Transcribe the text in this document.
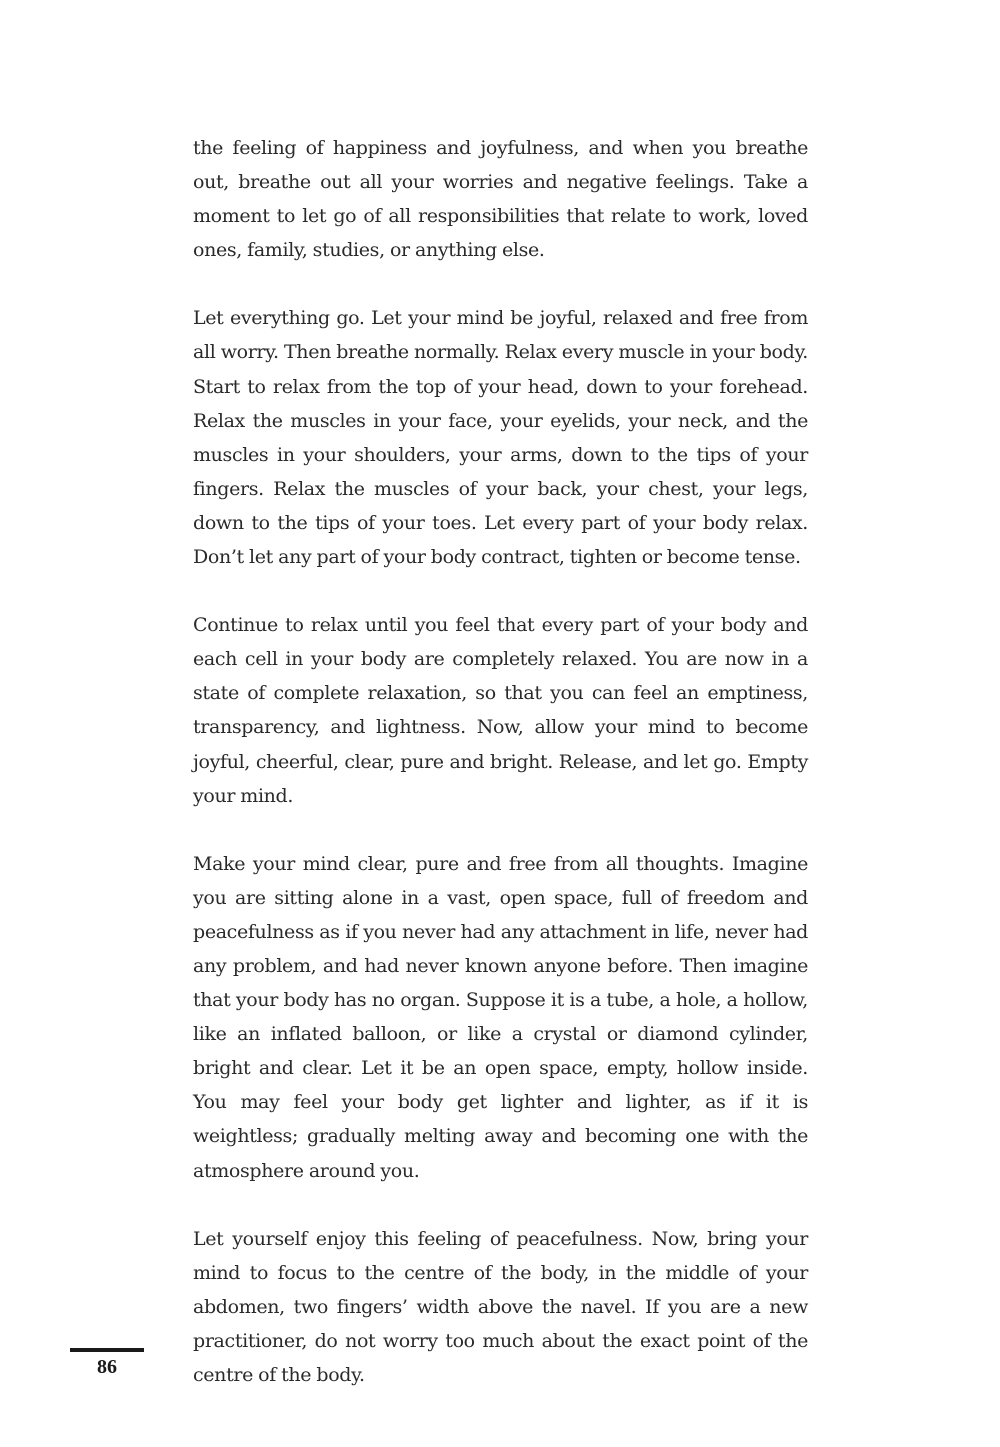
the feeling of happiness and joyfulness, and when you breathe out, breathe out all your worries and negative feelings. Take a moment to let go of all responsibilities that relate to work, loved ones, family, studies, or anything else.

Let everything go. Let your mind be joyful, relaxed and free from all worry. Then breathe normally. Relax every muscle in your body. Start to relax from the top of your head, down to your forehead. Relax the muscles in your face, your eyelids, your neck, and the muscles in your shoulders, your arms, down to the tips of your fingers. Relax the muscles of your back, your chest, your legs, down to the tips of your toes. Let every part of your body relax. Don’t let any part of your body contract, tighten or become tense.

Continue to relax until you feel that every part of your body and each cell in your body are completely relaxed. You are now in a state of complete relaxation, so that you can feel an emptiness, transparency, and lightness. Now, allow your mind to become joyful, cheerful, clear, pure and bright. Release, and let go. Empty your mind.

Make your mind clear, pure and free from all thoughts. Imagine you are sitting alone in a vast, open space, full of freedom and peacefulness as if you never had any attachment in life, never had any problem, and had never known anyone before. Then imagine that your body has no organ. Suppose it is a tube, a hole, a hollow, like an inflated balloon, or like a crystal or diamond cylinder, bright and clear. Let it be an open space, empty, hollow inside. You may feel your body get lighter and lighter, as if it is weightless; gradually melting away and becoming one with the atmosphere around you.

Let yourself enjoy this feeling of peacefulness. Now, bring your mind to focus to the centre of the body, in the middle of your abdomen, two fingers’ width above the navel. If you are a new practitioner, do not worry too much about the exact point of the centre of the body.

86
